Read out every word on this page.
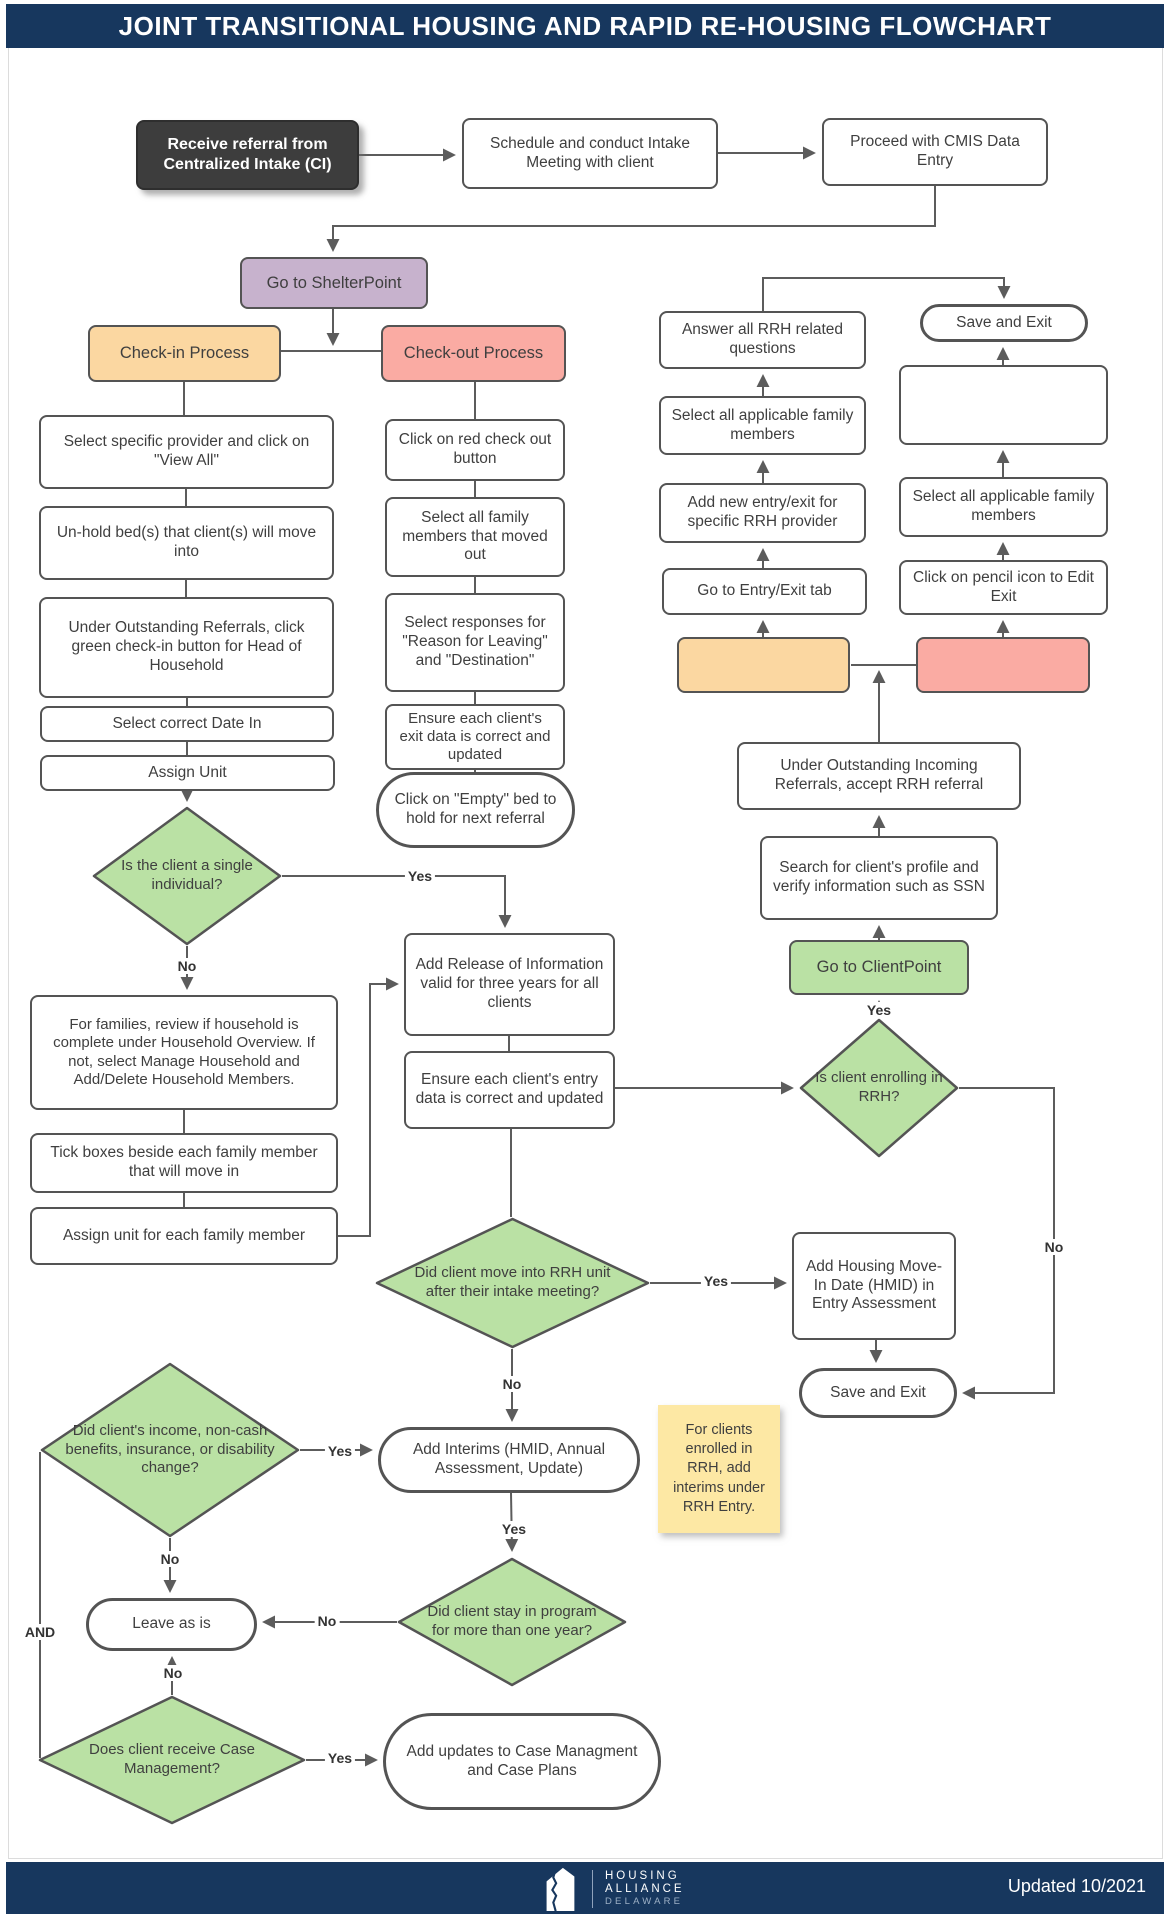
JOINT TRANSITIONAL HOUSING AND RAPID RE-HOUSING FLOWCHART
Receive referral from Centralized Intake (CI)
Schedule and conduct Intake Meeting with client
Proceed with CMIS Data Entry
Go to ShelterPoint
Check-in Process	Check-out Process
Select specific provider and click on "View All"
Un-hold bed(s) that client(s) will move into
Under Outstanding Referrals, click green check-in button for Head of Household
Select correct Date In
Assign Unit
Is the client a single individual?
For families, review if household is complete under Household Overview. If not, select Manage Household and Add/Delete Household Members.
Tick boxes beside each family member that will move in
Assign unit for each family member
Click on red check out button
Select all family members that moved out
Select responses for "Reason for Leaving" and "Destination"
Ensure each client's exit data is correct and updated
Click on "Empty" bed to hold for next referral
Add Release of Information valid for three years for all clients
Ensure each client's entry data is correct and updated
Did client move into RRH unit after their intake meeting?
Add Housing Move-In Date (HMID) in Entry Assessment
Save and Exit
For clients enrolled in RRH, add interims under RRH Entry.
Did client's income, non-cash benefits, insurance, or disability change?
Add Interims (HMID, Annual Assessment, Update)
Leave as is
Did client stay in program for more than one year?
Does client receive Case Management?
Add updates to Case Managment and Case Plans
Answer all RRH related questions
Select all applicable family members
Add new entry/exit for specific RRH provider
Go to Entry/Exit tab
Select all applicable family members
Click on pencil icon to Edit Exit
Save and Exit
Under Outstanding Incoming Referrals, accept RRH referral
Search for client's profile and verify information such as SSN
Go to ClientPoint
Is client enrolling in RRH?
Yes
No
Yes
No
Yes
No
Yes
No
Yes
No
No
AND
Yes
HOUSING
ALLIANCE
DELAWARE
Updated 10/2021
